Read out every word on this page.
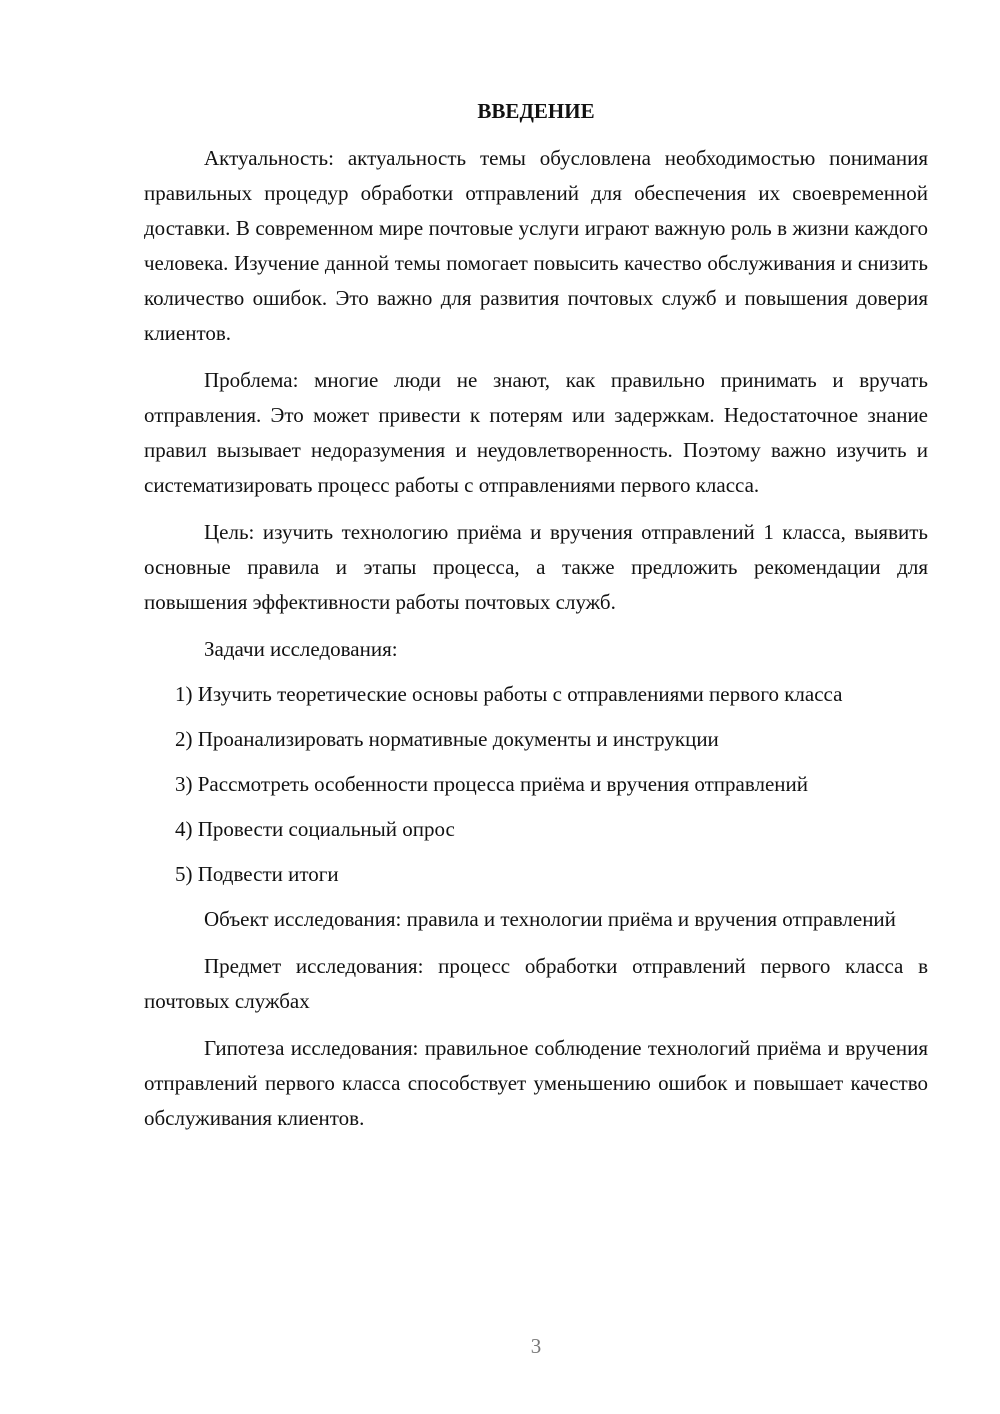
ВВЕДЕНИЕ

Актуальность: актуальность темы обусловлена необходимостью понимания правильных процедур обработки отправлений для обеспечения их своевременной доставки. В современном мире почтовые услуги играют важную роль в жизни каждого человека. Изучение данной темы помогает повысить качество обслуживания и снизить количество ошибок. Это важно для развития почтовых служб и повышения доверия клиентов.

Проблема: многие люди не знают, как правильно принимать и вручать отправления. Это может привести к потерям или задержкам. Недостаточное знание правил вызывает недоразумения и неудовлетворенность. Поэтому важно изучить и систематизировать процесс работы с отправлениями первого класса.

Цель: изучить технологию приёма и вручения отправлений 1 класса, выявить основные правила и этапы процесса, а также предложить рекомендации для повышения эффективности работы почтовых служб.

Задачи исследования:

1) Изучить теоретические основы работы с отправлениями первого класса
2) Проанализировать нормативные документы и инструкции
3) Рассмотреть особенности процесса приёма и вручения отправлений
4) Провести социальный опрос
5) Подвести итоги

Объект исследования: правила и технологии приёма и вручения отправлений

Предмет исследования: процесс обработки отправлений первого класса в почтовых службах

Гипотеза исследования: правильное соблюдение технологий приёма и вручения отправлений первого класса способствует уменьшению ошибок и повышает качество обслуживания клиентов.

3
